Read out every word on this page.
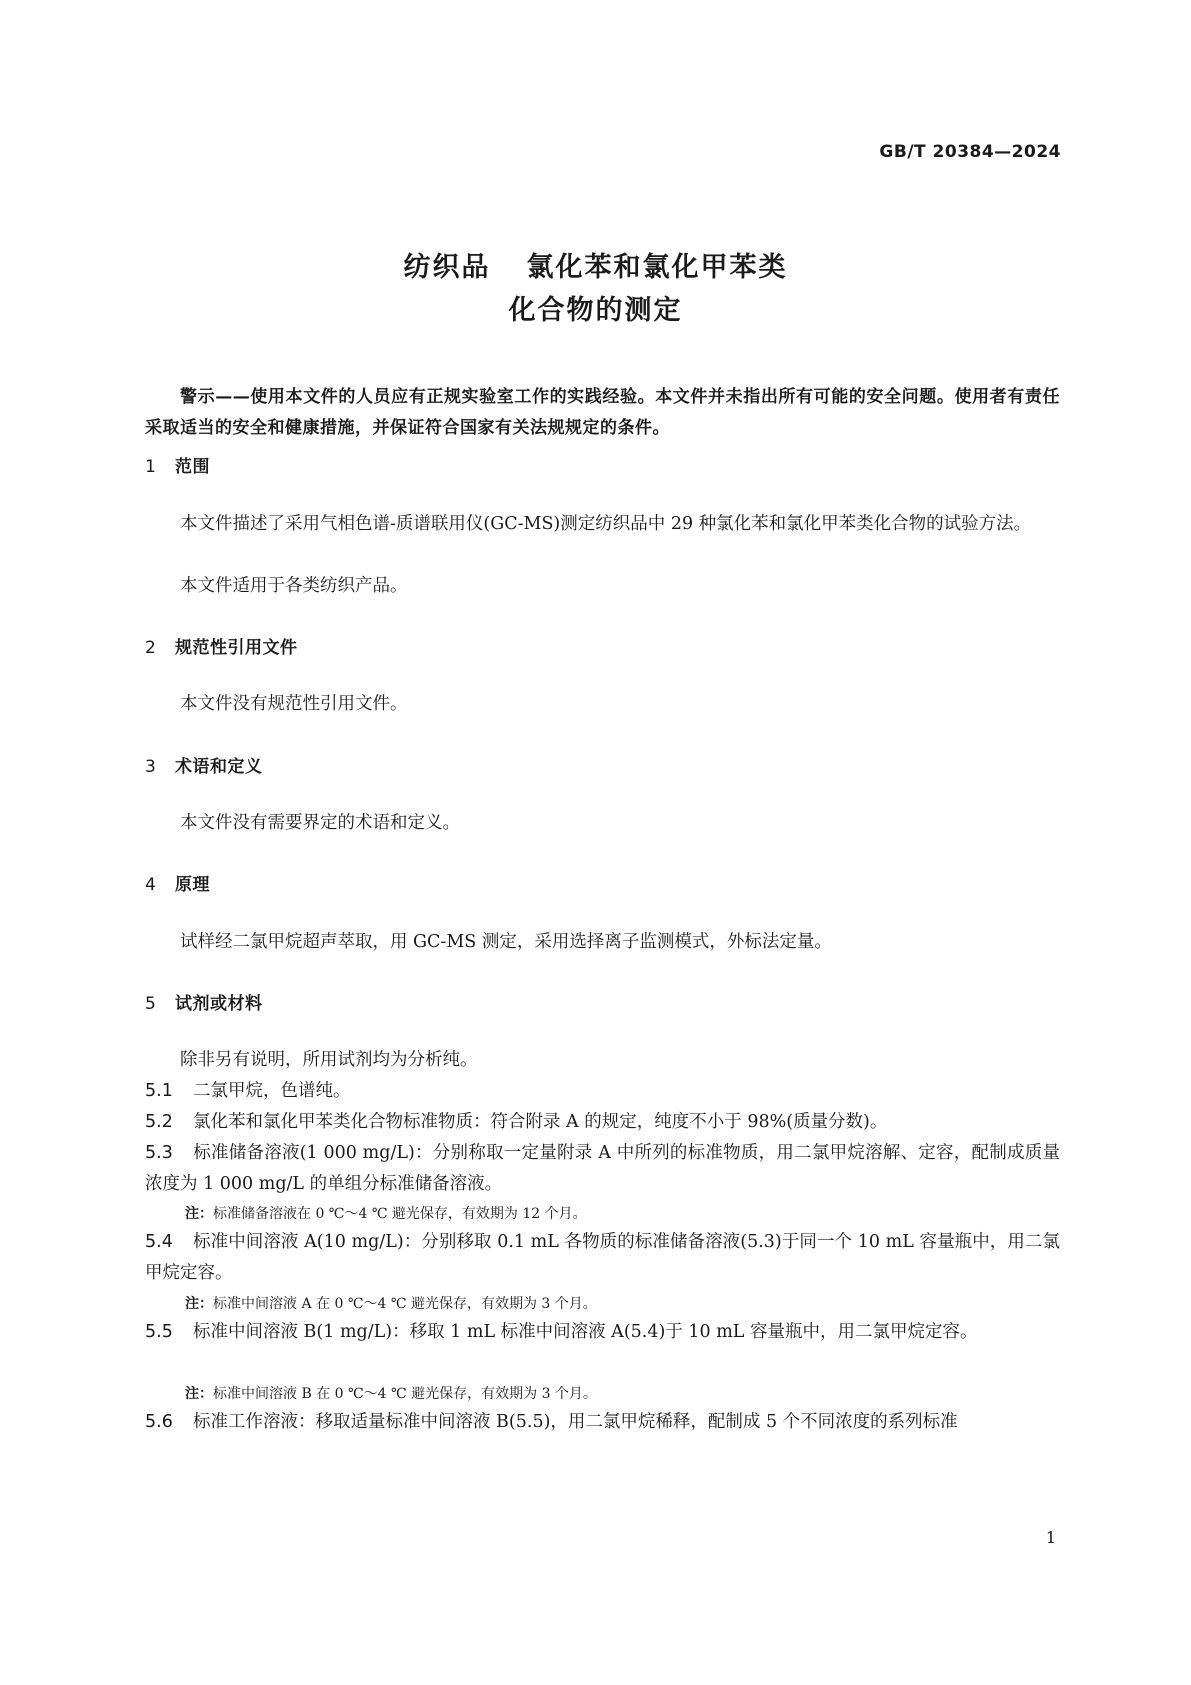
GB/T 20384—2024
纺织品 氯化苯和氯化甲苯类
化合物的测定
警示——使用本文件的人员应有正规实验室工作的实践经验。本文件并未指出所有可能的安全问题。使用者有责任采取适当的安全和健康措施，并保证符合国家有关法规规定的条件。
1 范围
本文件描述了采用气相色谱-质谱联用仪(GC-MS)测定纺织品中 29 种氯化苯和氯化甲苯类化合物的试验方法。
本文件适用于各类纺织产品。
2 规范性引用文件
本文件没有规范性引用文件。
3 术语和定义
本文件没有需要界定的术语和定义。
4 原理
试样经二氯甲烷超声萃取，用 GC-MS 测定，采用选择离子监测模式，外标法定量。
5 试剂或材料
除非另有说明，所用试剂均为分析纯。
5.1 二氯甲烷，色谱纯。
5.2 氯化苯和氯化甲苯类化合物标准物质：符合附录 A 的规定，纯度不小于 98%(质量分数)。
5.3 标准储备溶液(1 000 mg/L)：分别称取一定量附录 A 中所列的标准物质，用二氯甲烷溶解、定容，配制成质量浓度为 1 000 mg/L 的单组分标准储备溶液。
注：标准储备溶液在 0 ℃～4 ℃ 避光保存，有效期为 12 个月。
5.4 标准中间溶液 A(10 mg/L)：分别移取 0.1 mL 各物质的标准储备溶液(5.3)于同一个 10 mL 容量瓶中，用二氯甲烷定容。
注：标准中间溶液 A 在 0 ℃～4 ℃ 避光保存，有效期为 3 个月。
5.5 标准中间溶液 B(1 mg/L)：移取 1 mL 标准中间溶液 A(5.4)于 10 mL 容量瓶中，用二氯甲烷定容。
注：标准中间溶液 B 在 0 ℃～4 ℃ 避光保存，有效期为 3 个月。
5.6 标准工作溶液：移取适量标准中间溶液 B(5.5)，用二氯甲烷稀释，配制成 5 个不同浓度的系列标准
1
